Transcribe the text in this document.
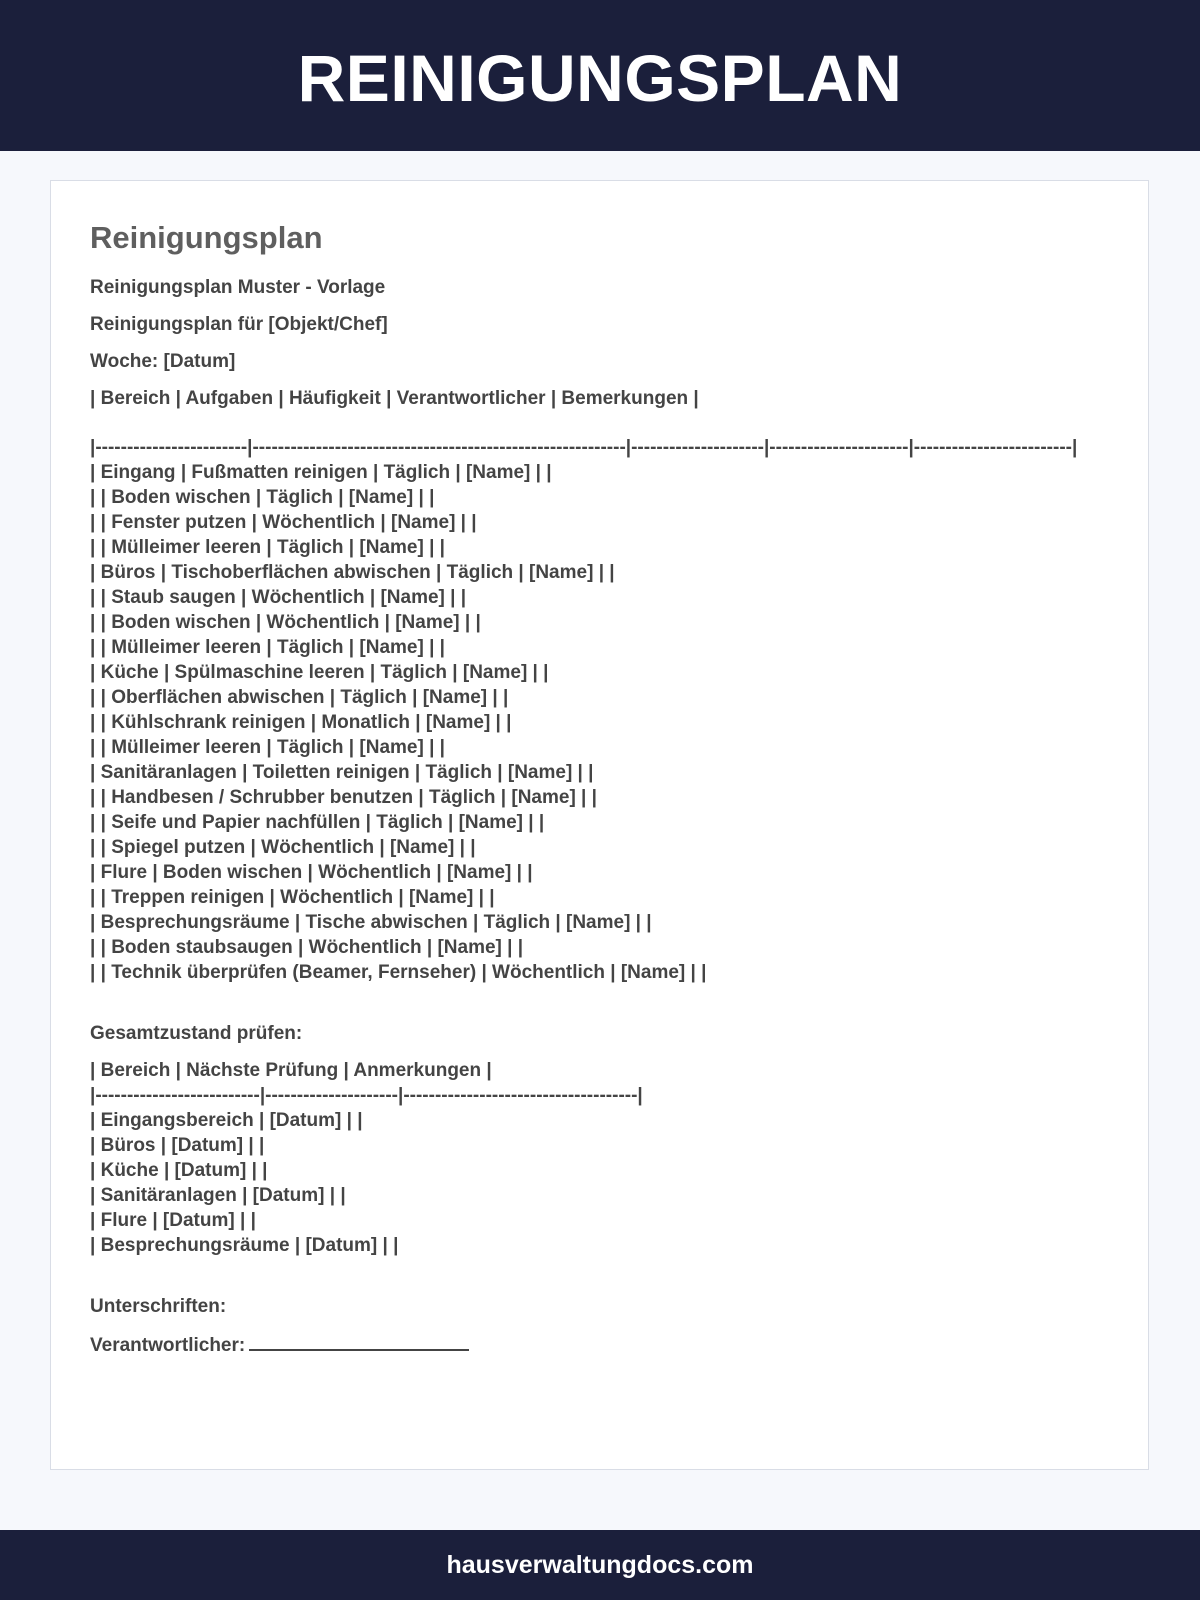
REINIGUNGSPLAN
Reinigungsplan

Reinigungsplan Muster - Vorlage

Reinigungsplan für [Objekt/Chef]

Woche: [Datum]

| Bereich | Aufgaben | Häufigkeit | Verantwortlicher | Bemerkungen |

|------------------------|-----------------------------------------------------------|---------------------|----------------------|-------------------------|

| Eingang | Fußmatten reinigen | Täglich | [Name] | |

| | Boden wischen | Täglich | [Name] | |

| | Fenster putzen | Wöchentlich | [Name] | |

| | Mülleimer leeren | Täglich | [Name] | |

| Büros | Tischoberflächen abwischen | Täglich | [Name] | |

| | Staub saugen | Wöchentlich | [Name] | |

| | Boden wischen | Wöchentlich | [Name] | |

| | Mülleimer leeren | Täglich | [Name] | |

| Küche | Spülmaschine leeren | Täglich | [Name] | |

| | Oberflächen abwischen | Täglich | [Name] | |

| | Kühlschrank reinigen | Monatlich | [Name] | |

| | Mülleimer leeren | Täglich | [Name] | |

| Sanitäranlagen | Toiletten reinigen | Täglich | [Name] | |

| | Handbesen / Schrubber benutzen | Täglich | [Name] | |

| | Seife und Papier nachfüllen | Täglich | [Name] | |

| | Spiegel putzen | Wöchentlich | [Name] | |

| Flure | Boden wischen | Wöchentlich | [Name] | |

| | Treppen reinigen | Wöchentlich | [Name] | |

| Besprechungsräume | Tische abwischen | Täglich | [Name] | |

| | Boden staubsaugen | Wöchentlich | [Name] | |

| | Technik überprüfen (Beamer, Fernseher) | Wöchentlich | [Name] | |

Gesamtzustand prüfen:

| Bereich | Nächste Prüfung | Anmerkungen |

|--------------------------|---------------------|-------------------------------------|

| Eingangsbereich | [Datum] | |

| Büros | [Datum] | |

| Küche | [Datum] | |

| Sanitäranlagen | [Datum] | |

| Flure | [Datum] | |

| Besprechungsräume | [Datum] | |

Unterschriften:

Verantwortlicher:

hausverwaltungdocs.com
